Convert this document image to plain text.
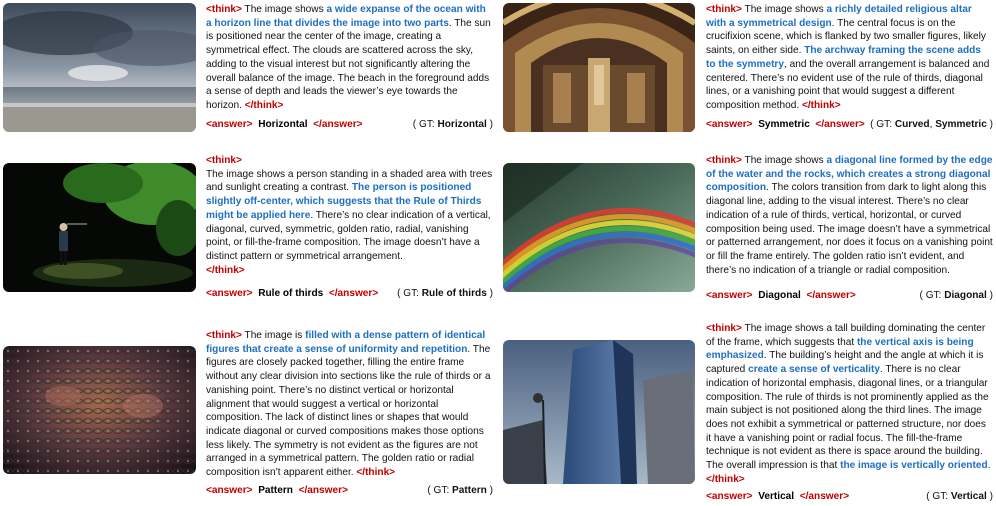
<think> The image shows a wide expanse of the ocean with a horizon line that divides the image into two parts. The sun is positioned near the center of the image, creating a symmetrical effect. The clouds are scattered across the sky, adding to the visual interest but not significantly altering the overall balance of the image. The beach in the foreground adds a sense of depth and leads the viewer’s eye towards the horizon. </think>
<answer> Horizontal </answer>	( GT: Horizontal )
<think> The image shows a richly detailed religious altar with a symmetrical design. The central focus is on the crucifixion scene, which is flanked by two smaller figures, likely saints, on either side. The archway framing the scene adds to the symmetry, and the overall arrangement is balanced and centered. There’s no evident use of the rule of thirds, diagonal lines, or a vanishing point that would suggest a different composition method. </think>
<answer> Symmetric </answer> ( GT: Curved, Symmetric )
<think>
The image shows a person standing in a shaded area with trees and sunlight creating a contrast. The person is positioned slightly off-center, which suggests that the Rule of Thirds might be applied here. There’s no clear indication of a vertical, diagonal, curved, symmetric, golden ratio, radial, vanishing point, or fill-the-frame composition. The image doesn’t have a distinct pattern or symmetrical arrangement.
</think>
<answer> Rule of thirds </answer> ( GT: Rule of thirds )
<think> The image shows a diagonal line formed by the edge of the water and the rocks, which creates a strong diagonal composition. The colors transition from dark to light along this diagonal line, adding to the visual interest. There’s no clear indication of a rule of thirds, vertical, horizontal, or curved composition being used. The image doesn’t have a symmetrical or patterned arrangement, nor does it focus on a vanishing point or fill the frame entirely. The golden ratio isn’t evident, and there’s no indication of a triangle or radial composition.

<answer> Diagonal </answer>	( GT: Diagonal )
<think> The image is filled with a dense pattern of identical figures that create a sense of uniformity and repetition. The figures are closely packed together, filling the entire frame without any clear division into sections like the rule of thirds or a vanishing point. There’s no distinct vertical or horizontal alignment that would suggest a vertical or horizontal composition. The lack of distinct lines or shapes that would indicate diagonal or curved compositions makes those options less likely. The symmetry is not evident as the figures are not arranged in a symmetrical pattern. The golden ratio or radial composition isn’t apparent either. </think>
<answer> Pattern </answer>	( GT: Pattern )
<think> The image shows a tall building dominating the center of the frame, which suggests that the vertical axis is being emphasized. The building’s height and the angle at which it is captured create a sense of verticality. There is no clear indication of horizontal emphasis, diagonal lines, or a triangular composition. The rule of thirds is not prominently applied as the main subject is not positioned along the third lines. The image does not exhibit a symmetrical or patterned structure, nor does it have a vanishing point or radial focus. The fill-the-frame technique is not evident as there is space around the building. The overall impression is that the image is vertically oriented. </think>
<answer> Vertical </answer>	( GT: Vertical )
